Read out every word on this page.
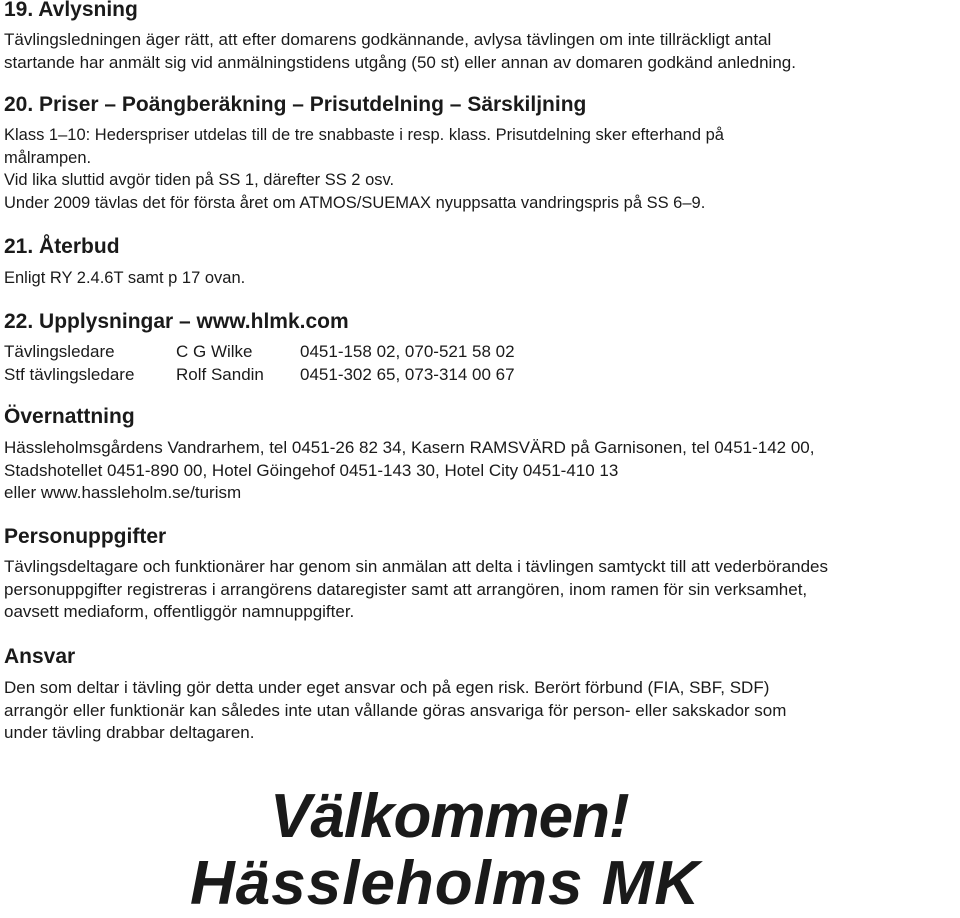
19. Avlysning

Tävlingsledningen äger rätt, att efter domarens godkännande, avlysa tävlingen om inte tillräckligt antal

startande har anmält sig vid anmälningstidens utgång (50 st) eller annan av domaren godkänd anledning.

20. Priser – Poängberäkning – Prisutdelning – Särskiljning

Klass 1–10: Hederspriser utdelas till de tre snabbaste i resp. klass. Prisutdelning sker efterhand på

målrampen.

Vid lika sluttid avgör tiden på SS 1, därefter SS 2 osv.

Under 2009 tävlas det för första året om ATMOS/SUEMAX nyuppsatta vandringspris på SS 6–9.

21. Återbud

Enligt RY 2.4.6T samt p 17 ovan.

22. Upplysningar – www.hlmk.com
Tävlingsledare	C G Wilke	0451-158 02, 070-521 58 02
Stf tävlingsledare	Rolf Sandin	0451-302 65, 073-314 00 67
Övernattning

Hässleholmsgårdens Vandrarhem, tel 0451-26 82 34, Kasern RAMSVÄRD på Garnisonen, tel 0451-142 00,

Stadshotellet 0451-890 00, Hotel Göingehof 0451-143 30, Hotel City 0451-410 13

eller www.hassleholm.se/turism

Personuppgifter

Tävlingsdeltagare och funktionärer har genom sin anmälan att delta i tävlingen samtyckt till att vederbörandes

personuppgifter registreras i arrangörens dataregister samt att arrangören, inom ramen för sin verksamhet,

oavsett mediaform, offentliggör namnuppgifter.

Ansvar

Den som deltar i tävling gör detta under eget ansvar och på egen risk. Berört förbund (FIA, SBF, SDF)

arrangör eller funktionär kan således inte utan vållande göras ansvariga för person- eller sakskador som

under tävling drabbar deltagaren.

Välkommen!

Hässleholms MK
